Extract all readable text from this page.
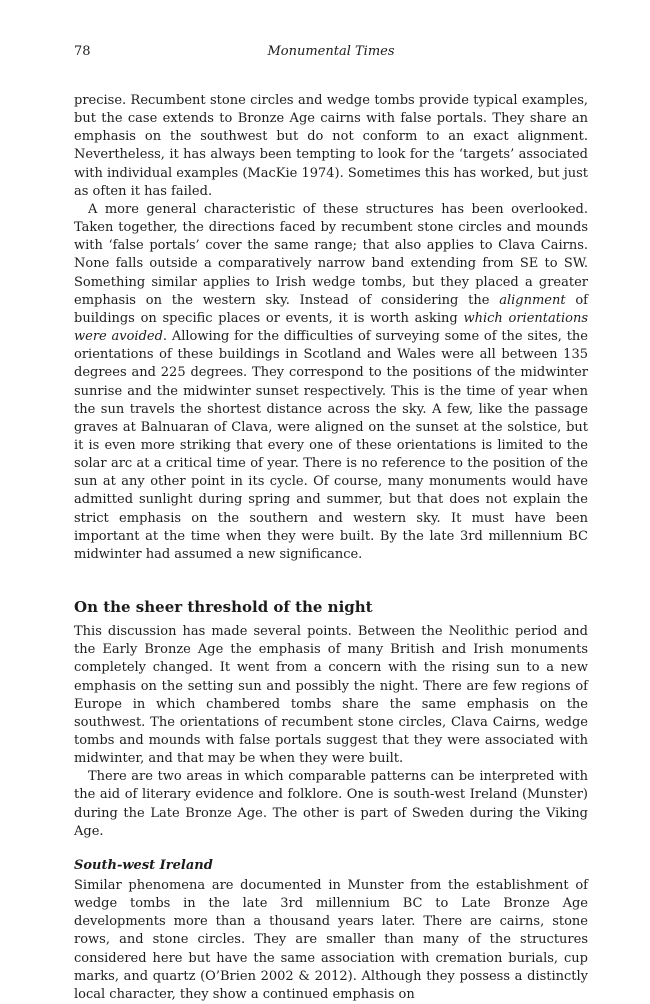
78	Monumental Times

precise. Recumbent stone circles and wedge tombs provide typical examples, but the case extends to Bronze Age cairns with false portals. They share an emphasis on the southwest but do not conform to an exact alignment. Nevertheless, it has always been tempting to look for the ‘targets’ associated with individual examples (MacKie 1974). Sometimes this has worked, but just as often it has failed.

A more general characteristic of these structures has been overlooked. Taken together, the directions faced by recumbent stone circles and mounds with ‘false portals’ cover the same range; that also applies to Clava Cairns. None falls outside a comparatively narrow band extending from SE to SW. Something similar applies to Irish wedge tombs, but they placed a greater emphasis on the western sky. Instead of considering the alignment of buildings on specific places or events, it is worth asking which orientations were avoided. Allowing for the difficulties of surveying some of the sites, the orientations of these buildings in Scotland and Wales were all between 135 degrees and 225 degrees. They correspond to the positions of the midwinter sunrise and the midwinter sunset respectively. This is the time of year when the sun travels the shortest distance across the sky. A few, like the passage graves at Balnuaran of Clava, were aligned on the sunset at the solstice, but it is even more striking that every one of these orientations is limited to the solar arc at a critical time of year. There is no reference to the position of the sun at any other point in its cycle. Of course, many monuments would have admitted sunlight during spring and summer, but that does not explain the strict emphasis on the southern and western sky. It must have been important at the time when they were built. By the late 3rd millennium BC midwinter had assumed a new significance.

On the sheer threshold of the night

This discussion has made several points. Between the Neolithic period and the Early Bronze Age the emphasis of many British and Irish monuments completely changed. It went from a concern with the rising sun to a new emphasis on the setting sun and possibly the night. There are few regions of Europe in which chambered tombs share the same emphasis on the southwest. The orientations of recumbent stone circles, Clava Cairns, wedge tombs and mounds with false portals suggest that they were associated with midwinter, and that may be when they were built.

There are two areas in which comparable patterns can be interpreted with the aid of literary evidence and folklore. One is south-west Ireland (Munster) during the Late Bronze Age. The other is part of Sweden during the Viking Age.

South-west Ireland

Similar phenomena are documented in Munster from the establishment of wedge tombs in the late 3rd millennium BC to Late Bronze Age developments more than a thousand years later. There are cairns, stone rows, and stone circles. They are smaller than many of the structures considered here but have the same association with cremation burials, cup marks, and quartz (O’Brien 2002 & 2012). Although they possess a distinctly local character, they show a continued emphasis on
